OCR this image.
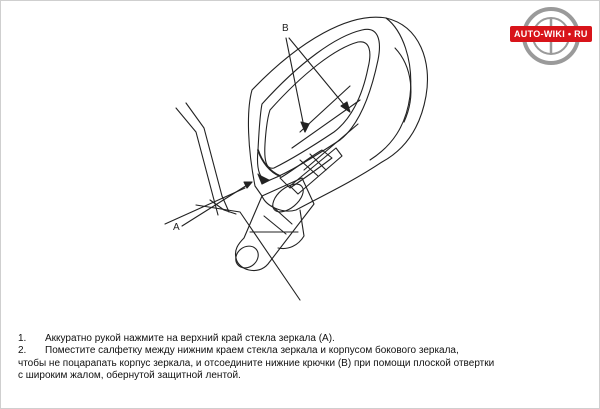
B
A
AUTO-WIKI • RU
1. Аккуратно рукой нажмите на верхний край стекла зеркала (A).
2. Поместите салфетку между нижним краем стекла зеркала и корпусом бокового зеркала,
чтобы не поцарапать корпус зеркала, и отсоедините нижние крючки (B) при помощи плоской отвертки
с широким жалом, обернутой защитной лентой.
